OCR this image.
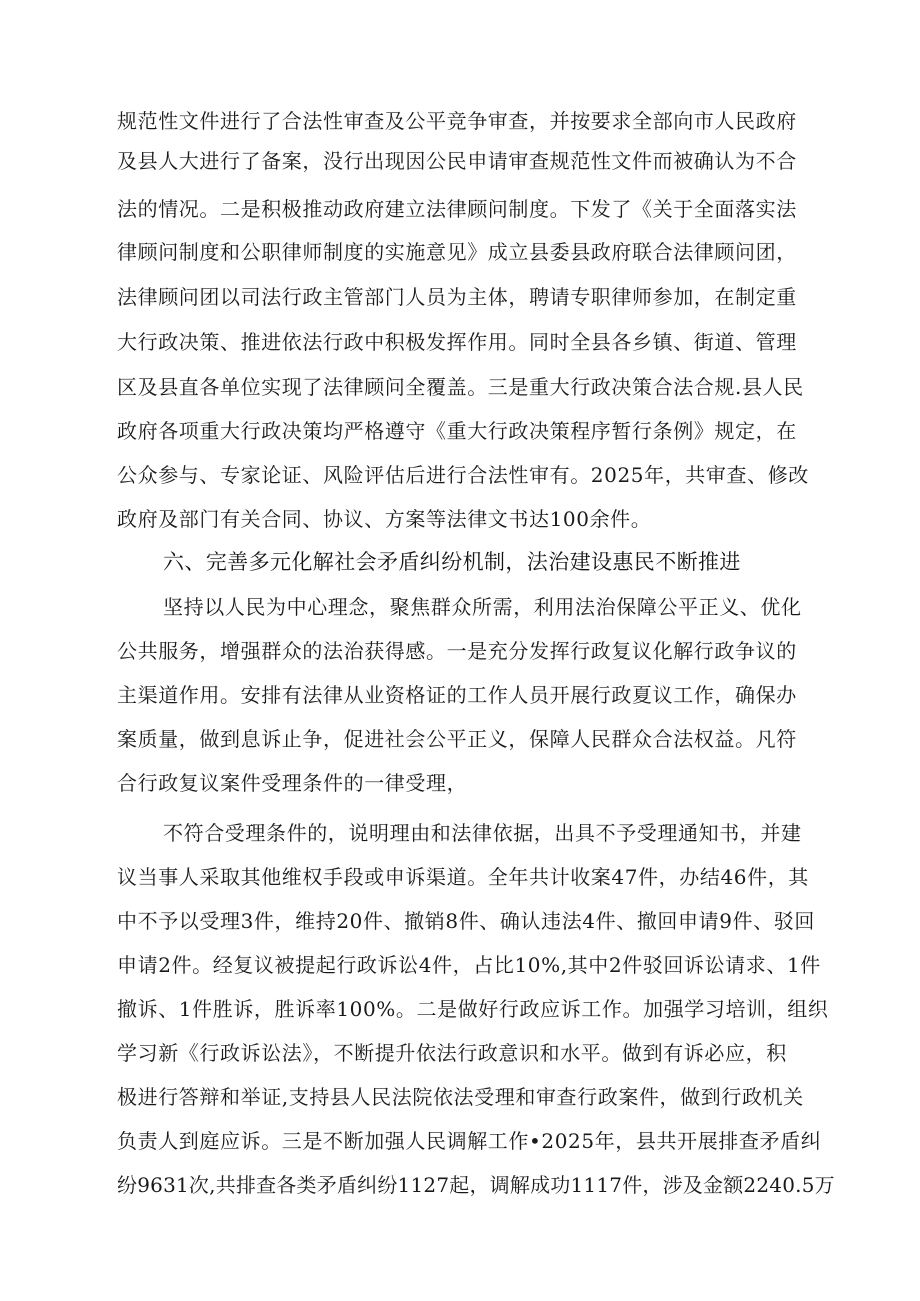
规范性文件进行了合法性审查及公平竞争审查，并按要求全部向市人民政府
及县人大进行了备案，没行出现因公民申请审查规范性文件而被确认为不合
法的情况。二是积极推动政府建立法律顾问制度。下发了《关于全面落实法
律顾问制度和公职律师制度的实施意见》成立县委县政府联合法律顾问团，
法律顾问团以司法行政主管部门人员为主体，聘请专职律师参加，在制定重
大行政决策、推进依法行政中积极发挥作用。同时全县各乡镇、街道、管理
区及县直各单位实现了法律顾问全覆盖。三是重大行政决策合法合规.县人民
政府各项重大行政决策均严格遵守《重大行政决策程序暂行条例》规定，在
公众参与、专家论证、风险评估后进行合法性审有。2025年，共审查、修改
政府及部门有关合同、协议、方案等法律文书达100余件。
六、完善多元化解社会矛盾纠纷机制，法治建设惠民不断推进
坚持以人民为中心理念，聚焦群众所需，利用法治保障公平正义、优化
公共服务，增强群众的法治获得感。一是充分发挥行政复议化解行政争议的
主渠道作用。安排有法律从业资格证的工作人员开展行政夏议工作，确保办
案质量，做到息诉止争，促进社会公平正义，保障人民群众合法权益。凡符
合行政复议案件受理条件的一律受理，
不符合受理条件的，说明理由和法律依据，出具不予受理通知书，并建
议当事人采取其他维权手段或申诉渠道。全年共计收案47件，办结46件，其
中不予以受理3件，维持20件、撤销8件、确认违法4件、撤回申请9件、驳回
申请2件。经复议被提起行政诉讼4件，占比10%,其中2件驳回诉讼请求、1件
撤诉、1件胜诉，胜诉率100%。二是做好行政应诉工作。加强学习培训，组织
学习新《行政诉讼法》，不断提升依法行政意识和水平。做到有诉必应，积
极进行答辩和举证,支持县人民法院依法受理和审查行政案件，做到行政机关
负责人到庭应诉。三是不断加强人民调解工作•2025年，县共开展排查矛盾纠
纷9631次,共排查各类矛盾纠纷1127起，调解成功1117件，涉及金额2240.5万
